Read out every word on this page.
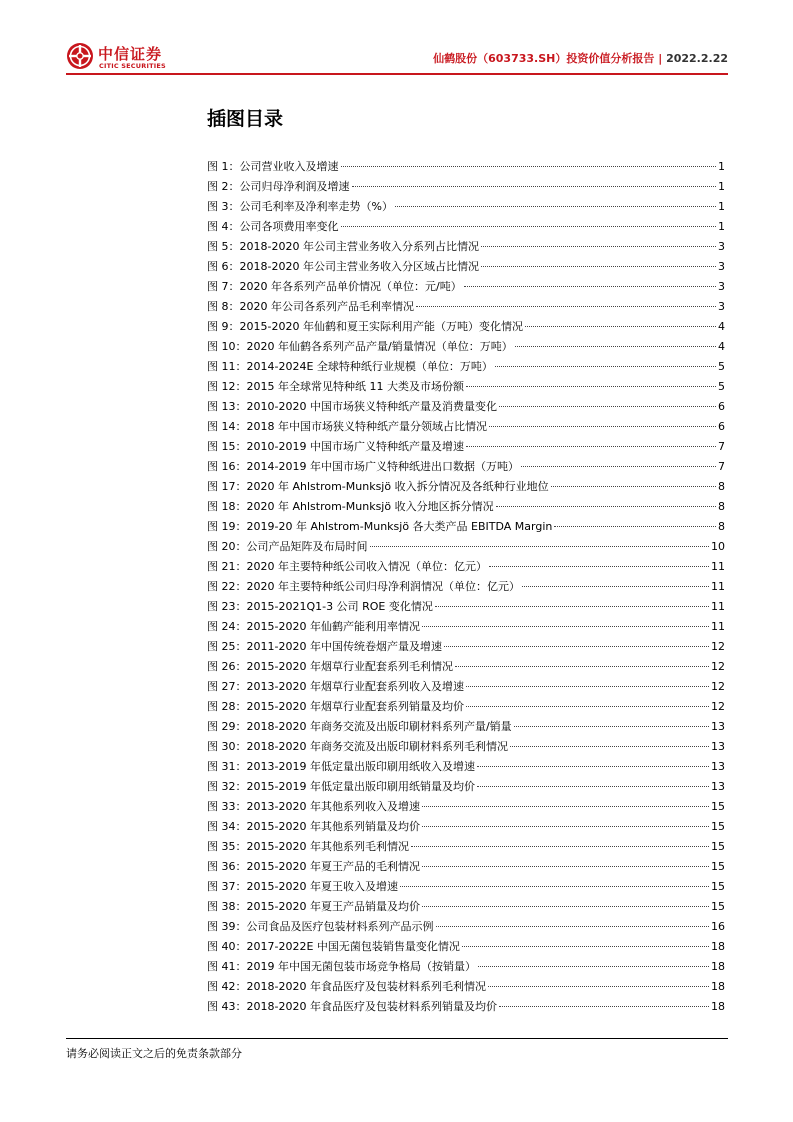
中信证券
CITIC SECURITIES
仙鹤股份（603733.SH）投资价值分析报告 | 2022.2.22
插图目录
图 1：公司营业收入及增速	1
图 2：公司归母净利润及增速	1
图 3：公司毛利率及净利率走势（%）	1
图 4：公司各项费用率变化	1
图 5：2018-2020 年公司主营业务收入分系列占比情况	3
图 6：2018-2020 年公司主营业务收入分区域占比情况	3
图 7：2020 年各系列产品单价情况（单位：元/吨）	3
图 8：2020 年公司各系列产品毛利率情况	3
图 9：2015-2020 年仙鹤和夏王实际利用产能（万吨）变化情况	4
图 10：2020 年仙鹤各系列产品产量/销量情况（单位：万吨）	4
图 11：2014-2024E 全球特种纸行业规模（单位：万吨）	5
图 12：2015 年全球常见特种纸 11 大类及市场份额	5
图 13：2010-2020 中国市场狭义特种纸产量及消费量变化	6
图 14：2018 年中国市场狭义特种纸产量分领域占比情况	6
图 15：2010-2019 中国市场广义特种纸产量及增速	7
图 16：2014-2019 年中国市场广义特种纸进出口数据（万吨）	7
图 17：2020 年 Ahlstrom-Munksjö 收入拆分情况及各纸种行业地位	8
图 18：2020 年 Ahlstrom-Munksjö 收入分地区拆分情况	8
图 19：2019-20 年 Ahlstrom-Munksjö 各大类产品 EBITDA Margin	8
图 20：公司产品矩阵及布局时间	10
图 21：2020 年主要特种纸公司收入情况（单位：亿元）	11
图 22：2020 年主要特种纸公司归母净利润情况（单位：亿元）	11
图 23：2015-2021Q1-3 公司 ROE 变化情况	11
图 24：2015-2020 年仙鹤产能利用率情况	11
图 25：2011-2020 年中国传统卷烟产量及增速	12
图 26：2015-2020 年烟草行业配套系列毛利情况	12
图 27：2013-2020 年烟草行业配套系列收入及增速	12
图 28：2015-2020 年烟草行业配套系列销量及均价	12
图 29：2018-2020 年商务交流及出版印刷材料系列产量/销量	13
图 30：2018-2020 年商务交流及出版印刷材料系列毛利情况	13
图 31：2013-2019 年低定量出版印刷用纸收入及增速	13
图 32：2015-2019 年低定量出版印刷用纸销量及均价	13
图 33：2013-2020 年其他系列收入及增速	15
图 34：2015-2020 年其他系列销量及均价	15
图 35：2015-2020 年其他系列毛利情况	15
图 36：2015-2020 年夏王产品的毛利情况	15
图 37：2015-2020 年夏王收入及增速	15
图 38：2015-2020 年夏王产品销量及均价	15
图 39：公司食品及医疗包装材料系列产品示例	16
图 40：2017-2022E 中国无菌包装销售量变化情况	18
图 41：2019 年中国无菌包装市场竞争格局（按销量）	18
图 42：2018-2020 年食品医疗及包装材料系列毛利情况	18
图 43：2018-2020 年食品医疗及包装材料系列销量及均价	18
请务必阅读正文之后的免责条款部分
